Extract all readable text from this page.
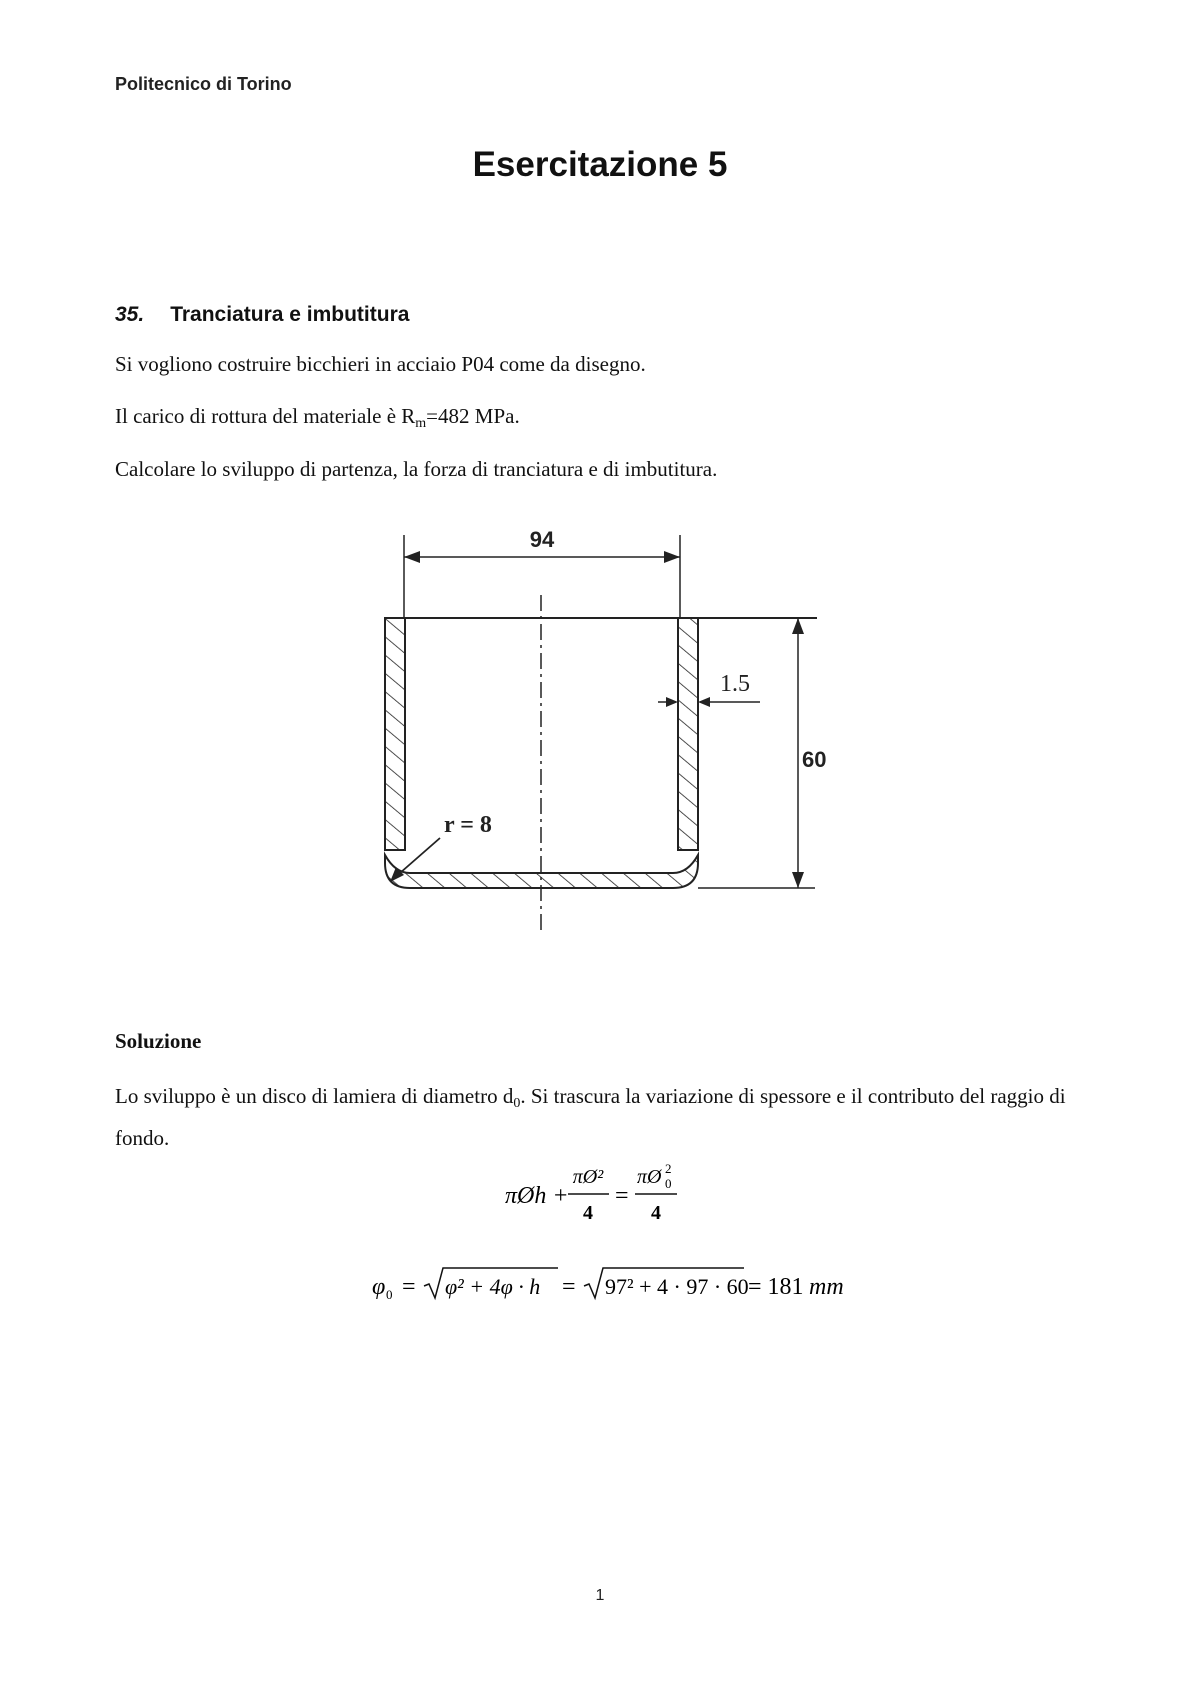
Politecnico di Torino
Esercitazione 5
35. Tranciatura e imbutitura
Si vogliono costruire bicchieri in acciaio P04 come da disegno.
Il carico di rottura del materiale è $R_m=482$ MPa.
Calcolare lo sviluppo di partenza, la forza di tranciatura e di imbutitura.
94
60
1.5
r = 8
Soluzione
Lo sviluppo è un disco di lamiera di diametro $d_0$. Si trascura la variazione di spessore e il contributo del raggio di fondo.
πØh +
πØ²
4
=
πØ 2
0
4
φ 0 = φ² + 4φ · h = 97² + 4 · 97 · 60 = 181 mm
1
